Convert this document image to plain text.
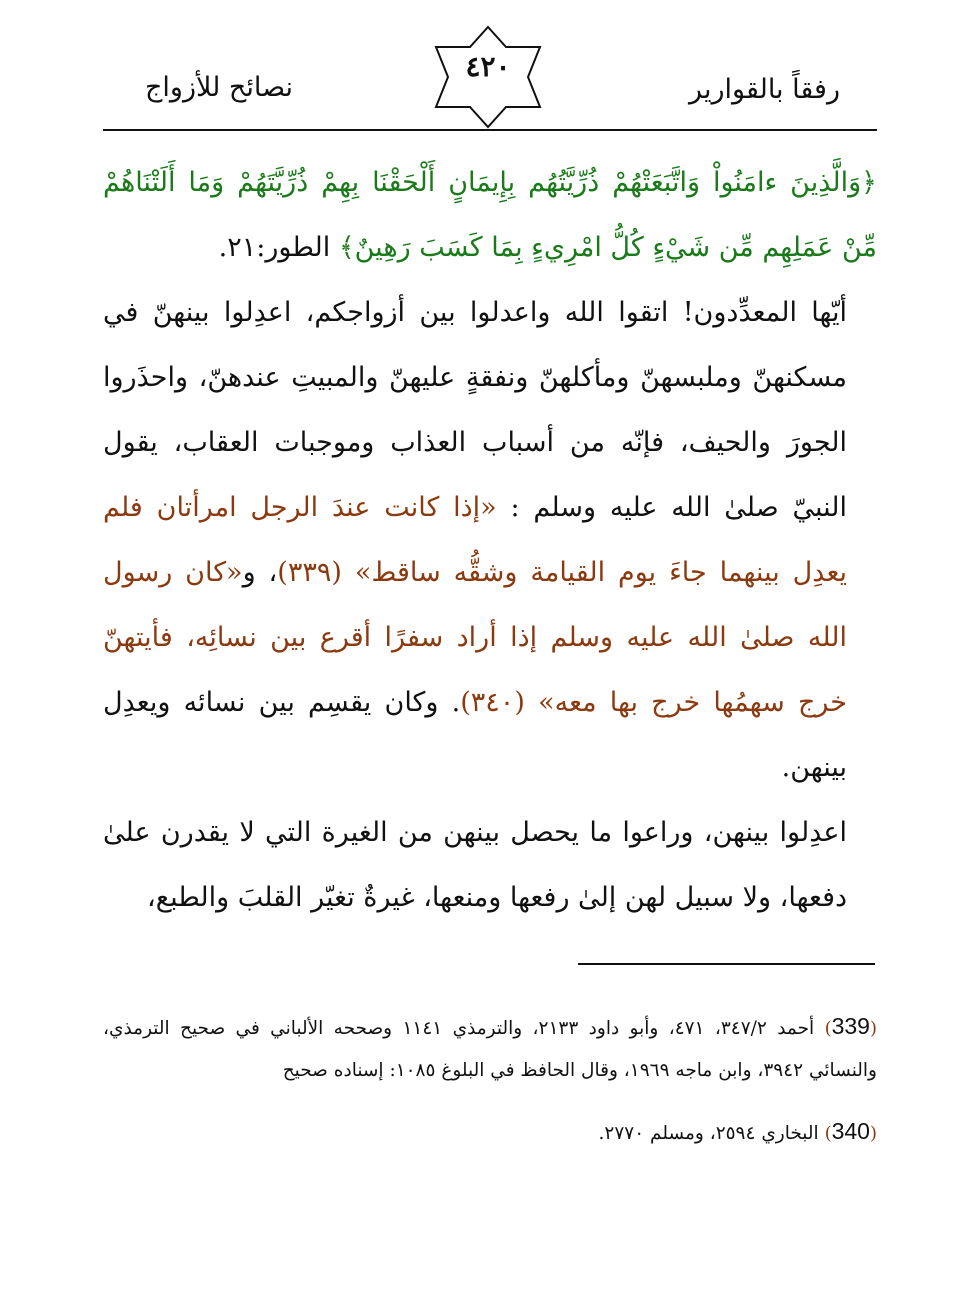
رفقاً بالقوارير
٤٢٠
نصائح للأزواج

﴿وَالَّذِينَ ءامَنُواْ وَاتَّبَعَتْهُمْ ذُرِّيَّتُهُم بِإِيمَانٍ أَلْحَقْنَا بِهِمْ ذُرِّيَّتَهُمْ وَمَا أَلَتْنَاهُمْ مِّنْ عَمَلِهِم مِّن شَيْءٍ كُلُّ امْرِيءٍ بِمَا كَسَبَ رَهِينٌ﴾ الطور:٢١.

أيّها المعدِّدون! اتقوا الله واعدلوا بين أزواجكم، اعدِلوا بينهنّ في مسكنهنّ وملبسهنّ ومأكلهنّ ونفقةٍ عليهنّ والمبيتِ عندهنّ، واحذَروا الجورَ والحيف، فإنّه من أسباب العذاب وموجبات العقاب، يقول النبيّ صلىٰ الله عليه وسلم : «إذا كانت عندَ الرجل امرأتان فلم يعدِل بينهما جاءَ يوم القيامة وشقُّه ساقط» (٣٣٩)، و«كان رسول الله صلىٰ الله عليه وسلم إذا أراد سفرًا أقرع بين نسائِه، فأيتهنّ خرج سهمُها خرج بها معه» (٣٤٠). وكان يقسِم بين نسائه ويعدِل بينهن.

اعدِلوا بينهن، وراعوا ما يحصل بينهن من الغيرة التي لا يقدرن علىٰ دفعها، ولا سبيل لهن إلىٰ رفعها ومنعها، غيرةٌ تغيّر القلبَ والطبع،

(339) أحمد ٣٤٧/٢، ٤٧١، وأبو داود ٢١٣٣، والترمذي ١١٤١ وصححه الألباني في صحيح الترمذي، والنسائي ٣٩٤٢، وابن ماجه ١٩٦٩، وقال الحافظ في البلوغ ١٠٨٥: إسناده صحيح

(340) البخاري ٢٥٩٤، ومسلم ٢٧٧٠.
